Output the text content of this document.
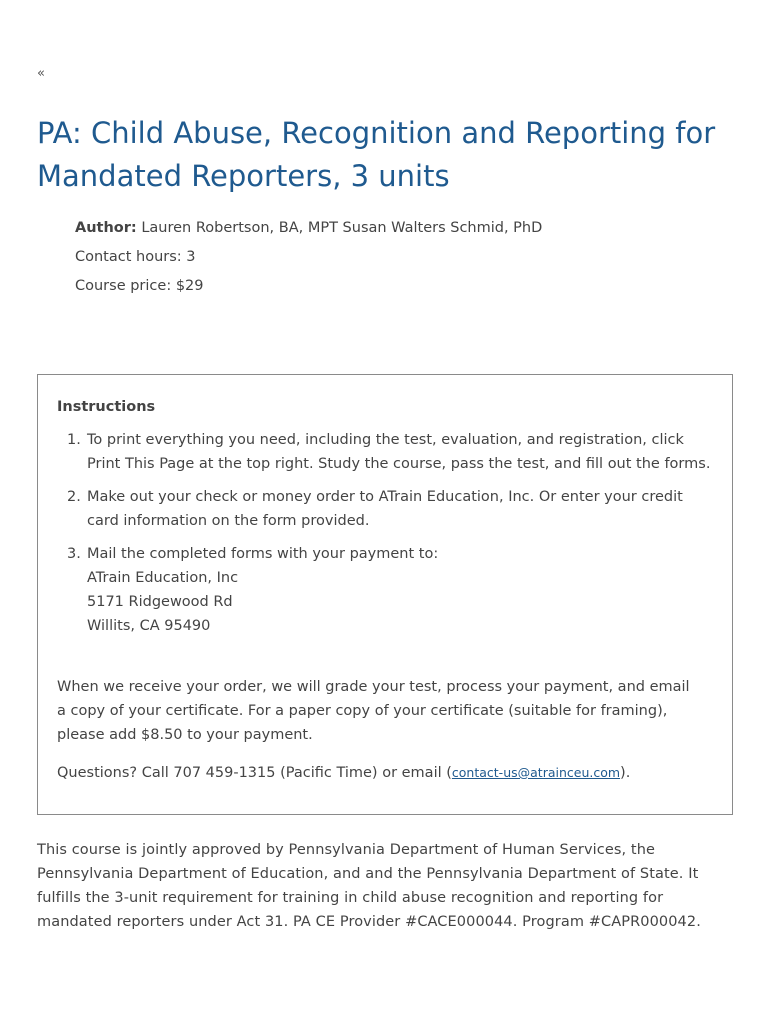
«
PA: Child Abuse, Recognition and Reporting for Mandated Reporters, 3 units
Author: Lauren Robertson, BA, MPT Susan Walters Schmid, PhD
Contact hours: 3
Course price: $29
Instructions
1. To print everything you need, including the test, evaluation, and registration, click Print This Page at the top right. Study the course, pass the test, and fill out the forms.
2. Make out your check or money order to ATrain Education, Inc. Or enter your credit card information on the form provided.
3. Mail the completed forms with your payment to:
ATrain Education, Inc
5171 Ridgewood Rd
Willits, CA 95490

When we receive your order, we will grade your test, process your payment, and email a copy of your certificate. For a paper copy of your certificate (suitable for framing), please add $8.50 to your payment.

Questions? Call 707 459-1315 (Pacific Time) or email (contact-us@atrainceu.com).

This course is jointly approved by Pennsylvania Department of Human Services, the Pennsylvania Department of Education, and and the Pennsylvania Department of State. It fulfills the 3-unit requirement for training in child abuse recognition and reporting for mandated reporters under Act 31. PA CE Provider #CACE000044. Program #CAPR000042.
